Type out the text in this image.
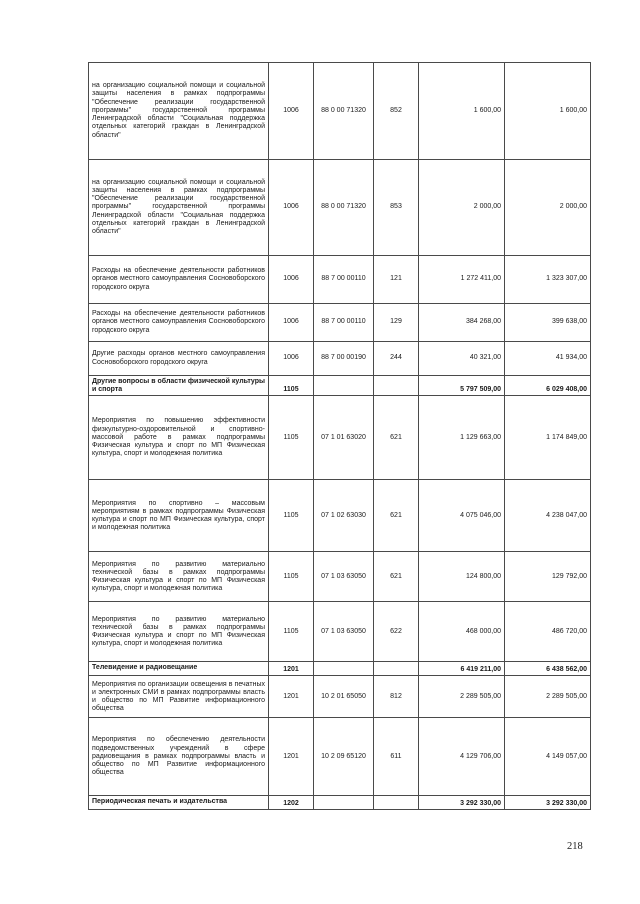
на организацию социальной помощи и социальной защиты населения в рамках подпрограммы "Обеспечение реализации государственной программы" государственной программы Ленинградской области "Социальная поддержка отдельных категорий граждан в Ленинградской области"	1006	88 0 00 71320	852	1 600,00	1 600,00
на организацию социальной помощи и социальной защиты населения в рамках подпрограммы "Обеспечение реализации государственной программы" государственной программы Ленинградской области "Социальная поддержка отдельных категорий граждан в Ленинградской области"	1006	88 0 00 71320	853	2 000,00	2 000,00
Расходы на обеспечение деятельности работников органов местного самоуправления Сосновоборского городского округа	1006	88 7 00 00110	121	1 272 411,00	1 323 307,00
Расходы на обеспечение деятельности работников органов местного самоуправления Сосновоборского городского округа	1006	88 7 00 00110	129	384 268,00	399 638,00
Другие расходы органов местного самоуправления Сосновоборского городского округа	1006	88 7 00 00190	244	40 321,00	41 934,00
Другие вопросы в области физической культуры и спорта	1105			5 797 509,00	6 029 408,00
Мероприятия по повышению эффективности физкультурно-оздоровительной и спортивно-массовой работе в рамках подпрограммы Физическая культура и спорт по МП Физическая культура, спорт и молодежная политика	1105	07 1 01 63020	621	1 129 663,00	1 174 849,00
Мероприятия по спортивно – массовым мероприятиям в рамках подпрограммы Физическая культура и спорт по МП Физическая культура, спорт и молодежная политика	1105	07 1 02 63030	621	4 075 046,00	4 238 047,00
Мероприятия по развитию материально технической базы в рамках подпрограммы Физическая культура и спорт по МП Физическая культура, спорт и молодежная политика	1105	07 1 03 63050	621	124 800,00	129 792,00
Мероприятия по развитию материально технической базы в рамках подпрограммы Физическая культура и спорт по МП Физическая культура, спорт и молодежная политика	1105	07 1 03 63050	622	468 000,00	486 720,00
Телевидение и радиовещание	1201			6 419 211,00	6 438 562,00
Мероприятия по организации освещения в печатных и электронных СМИ в рамках подпрограммы власть и общество по МП Развитие информационного общества	1201	10 2 01 65050	812	2 289 505,00	2 289 505,00
Мероприятия по обеспечению деятельности подведомственных учреждений в сфере радиовещания в рамках подпрограммы власть и общество по МП Развитие информационного общества	1201	10 2 09 65120	611	4 129 706,00	4 149 057,00
Периодическая печать и издательства	1202			3 292 330,00	3 292 330,00
218
